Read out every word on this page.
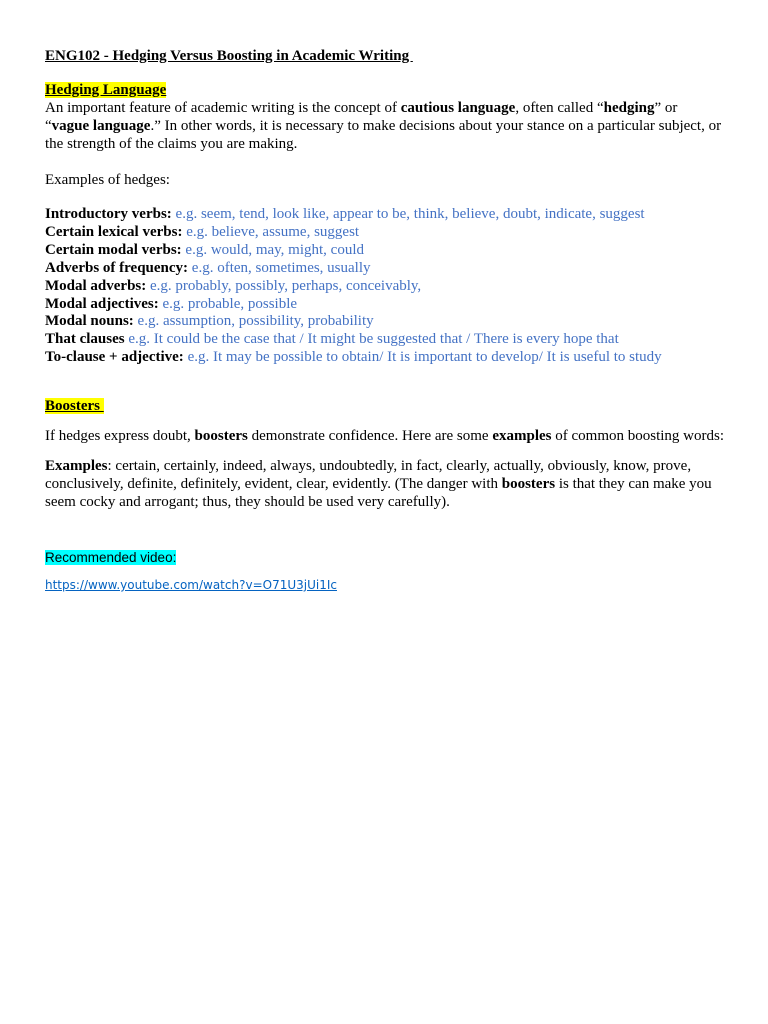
ENG102 - Hedging Versus Boosting in Academic Writing

Hedging Language

An important feature of academic writing is the concept of cautious language, often called “hedging” or “vague language.” In other words, it is necessary to make decisions about your stance on a particular subject, or the strength of the claims you are making.

Examples of hedges:

Introductory verbs: e.g. seem, tend, look like, appear to be, think, believe, doubt, indicate, suggest
Certain lexical verbs: e.g. believe, assume, suggest
Certain modal verbs: e.g. would, may, might, could
Adverbs of frequency: e.g. often, sometimes, usually
Modal adverbs: e.g. probably, possibly, perhaps, conceivably,
Modal adjectives: e.g. probable, possible
Modal nouns: e.g. assumption, possibility, probability
That clauses e.g. It could be the case that / It might be suggested that / There is every hope that
To-clause + adjective: e.g. It may be possible to obtain/ It is important to develop/ It is useful to study

Boosters

If hedges express doubt, boosters demonstrate confidence. Here are some examples of common boosting words:

Examples: certain, certainly, indeed, always, undoubtedly, in fact, clearly, actually, obviously, know, prove, conclusively, definite, definitely, evident, clear, evidently. (The danger with boosters is that they can make you seem cocky and arrogant; thus, they should be used very carefully).

Recommended video:

https://www.youtube.com/watch?v=O71U3jUi1Ic
